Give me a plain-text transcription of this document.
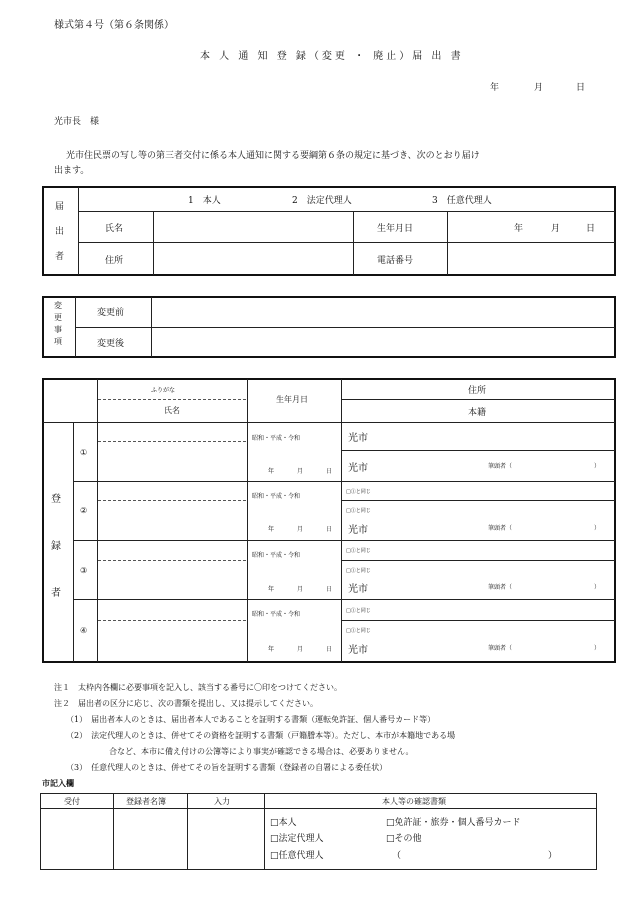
様式第４号（第６条関係）
本 人 通 知 登 録（変更 ・ 廃止）届 出 書
年	月	日
光市長　様
光市住民票の写し等の第三者交付に係る本人通知に関する要綱第６条の規定に基づき、次のとおり届け
出ます。
届
出
者
1　本人	2　法定代理人	3　任意代理人
氏名	生年月日	年	月	日
住所	電話番号
変
更
事
項
変更前
変更後
ふりがな
氏名
生年月日
住所
本籍
登
録
者
①
昭和・平成・令和
年	月	日
光市
光市	筆頭者（	）
②
昭和・平成・令和
年	月	日
□①と同じ
□①と同じ
光市	筆頭者（	）
③
昭和・平成・令和
年	月	日
□①と同じ
□①と同じ
光市	筆頭者（	）
④
昭和・平成・令和
年	月	日
□①と同じ
□①と同じ
光市	筆頭者（	）
注１　太枠内各欄に必要事項を記入し、該当する番号に〇印をつけてください。
注２　届出者の区分に応じ、次の書類を提出し、又は提示してください。
（1）　届出者本人のときは、届出者本人であることを証明する書類（運転免許証、個人番号カード等）
（2）　法定代理人のときは、併せてその資格を証明する書類（戸籍謄本等）。ただし、本市が本籍地である場
合など、本市に備え付けの公簿等により事実が確認できる場合は、必要ありません。
（3）　任意代理人のときは、併せてその旨を証明する書類（登録者の自署による委任状）
市記入欄
受付	登録者名簿	入力	本人等の確認書類
□本人
□法定代理人
□任意代理人
□免許証・旅券・個人番号カード
□その他
（	）
